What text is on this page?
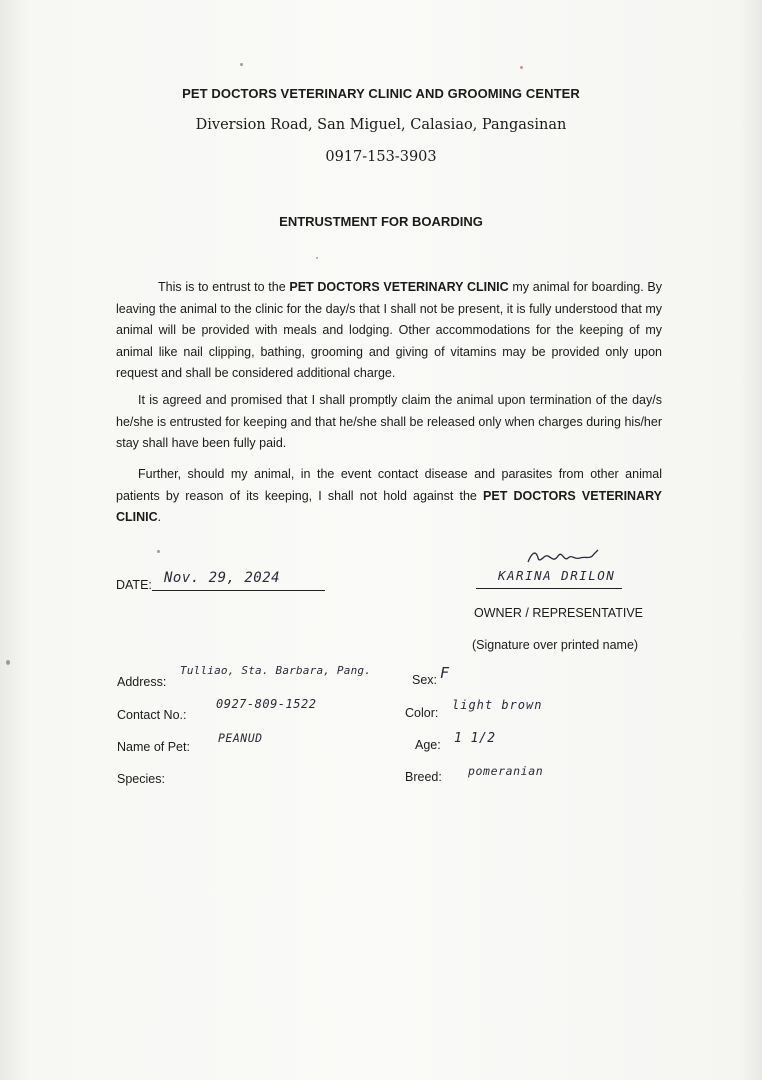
PET DOCTORS VETERINARY CLINIC AND GROOMING CENTER
Diversion Road, San Miguel, Calasiao, Pangasinan
0917-153-3903
ENTRUSTMENT FOR BOARDING

This is to entrust to the PET DOCTORS VETERINARY CLINIC my animal for boarding. By leaving the animal to the clinic for the day/s that I shall not be present, it is fully understood that my animal will be provided with meals and lodging. Other accommodations for the keeping of my animal like nail clipping, bathing, grooming and giving of vitamins may be provided only upon request and shall be considered additional charge.

It is agreed and promised that I shall promptly claim the animal upon termination of the day/s he/she is entrusted for keeping and that he/she shall be released only when charges during his/her stay shall have been fully paid.

Further, should my animal, in the event contact disease and parasites from other animal patients by reason of its keeping, I shall not hold against the PET DOCTORS VETERINARY CLINIC.

DATE: Nov. 29, 2024	KARINA DRILON
OWNER / REPRESENTATIVE
(Signature over printed name)
Address:
Tulliao, Sta. Barbara, Pang.
Contact No.:
0927-809-1522
Name of Pet:
PEANUD
Species:
Sex: F
Color:
light brown
Age: 1 1/2
Breed: pomeranian
